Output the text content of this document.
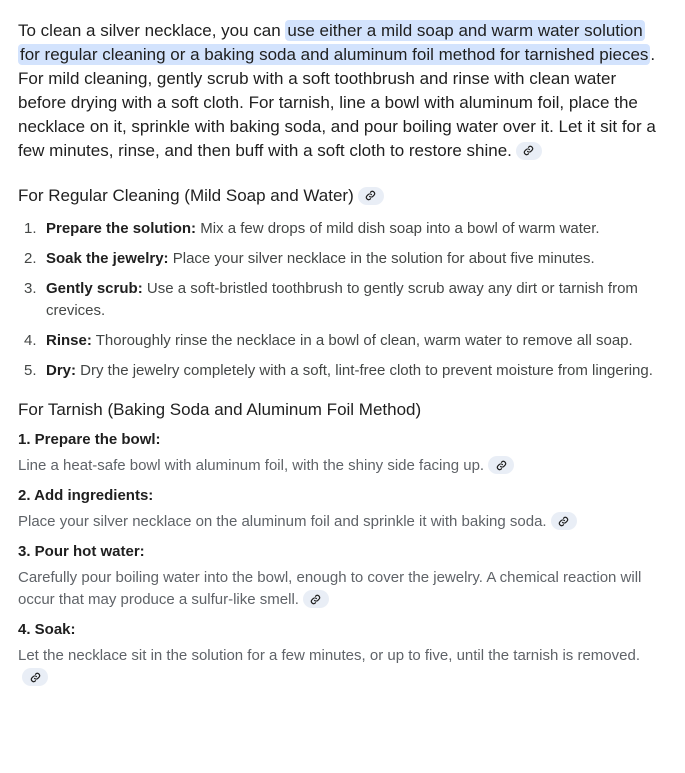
To clean a silver necklace, you can use either a mild soap and warm water solution for regular cleaning or a baking soda and aluminum foil method for tarnished pieces . For mild cleaning, gently scrub with a soft toothbrush and rinse with clean water before drying with a soft cloth. For tarnish, line a bowl with aluminum foil, place the necklace on it, sprinkle with baking soda, and pour boiling water over it. Let it sit for a few minutes, rinse, and then buff with a soft cloth to restore shine.

For Regular Cleaning (Mild Soap and Water)
1. Prepare the solution: Mix a few drops of mild dish soap into a bowl of warm water.
2. Soak the jewelry: Place your silver necklace in the solution for about five minutes.
3. Gently scrub: Use a soft-bristled toothbrush to gently scrub away any dirt or tarnish from crevices.
4. Rinse: Thoroughly rinse the necklace in a bowl of clean, warm water to remove all soap.
5. Dry: Dry the jewelry completely with a soft, lint-free cloth to prevent moisture from lingering.
For Tarnish (Baking Soda and Aluminum Foil Method)

1. Prepare the bowl:

Line a heat-safe bowl with aluminum foil, with the shiny side facing up.

2. Add ingredients:

Place your silver necklace on the aluminum foil and sprinkle it with baking soda.

3. Pour hot water:

Carefully pour boiling water into the bowl, enough to cover the jewelry. A chemical reaction will occur that may produce a sulfur-like smell.

4. Soak:

Let the necklace sit in the solution for a few minutes, or up to five, until the tarnish is removed.
